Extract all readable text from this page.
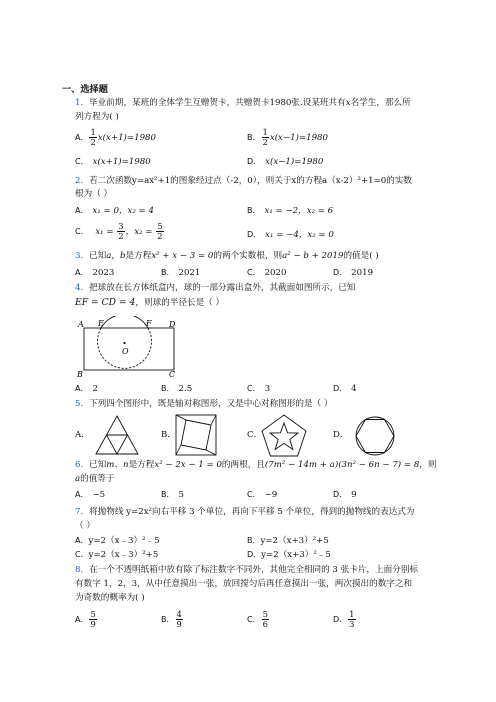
一、选择题
1．毕业前期，某班的全体学生互赠贺卡，共赠贺卡1980张.设某班共有x名学生，那么所
列方程为( )
A． $\frac{1}{2} x(x+1)=1980$	B． $\frac{1}{2} x(x-1)=1980$
C． x(x+1)=1980	D． x(x−1)=1980
2．若二次函数y=ax²+1的图象经过点（-2，0），则关于x的方程a（x-2）²+1=0的实数
根为（ ）
A． x₁ = 0，x₂ = 4	B． x₁ = −2，x₂ = 6
C． $x_1 = \frac{3}{2}$ ，$x_2 = \frac{5}{2}$	D． x₁ = −4，x₂ = 0
3．已知a，b是方程x² + x − 3 = 0的两个实数根，则a² − b + 2019的值是( )
A． 2023	B． 2021	C． 2020	D． 2019
4．把球放在长方体纸盒内，球的一部分露出盒外，其截面如图所示，已知
EF = CD = 4，则球的半径长是（ ）
A E	F D
O
B	C
A． 2	B． 2.5	C． 3	D． 4
5．下列四个图形中，既是轴对称图形，又是中心对称图形的是（ ）
A．	B．	C．	D．
6．已知m、n是方程x² − 2x − 1 = 0的两根，且(7m² − 14m + a)(3n² − 6n − 7) = 8，则
a的值等于
A． −5	B． 5	C． −9	D． 9
7．将抛物线 y=2x²向右平移 3 个单位，再向下平移 5 个单位，得到的抛物线的表达式为
（ ）
A．y=2（x﹣3）²﹣5	B．y=2（x+3）²+5
C．y=2（x﹣3）²+5	D．y=2（x+3）²﹣5
8．在一个不透明纸箱中放有除了标注数字不同外，其他完全相同的 3 张卡片，上面分别标
有数字 1，2，3，从中任意摸出一张，放回搅匀后再任意摸出一张，两次摸出的数字之和
为奇数的概率为( )
A． $\frac{5}{9}$	B． $\frac{4}{9}$	C． $\frac{5}{6}$	D． $\frac{1}{3}$
